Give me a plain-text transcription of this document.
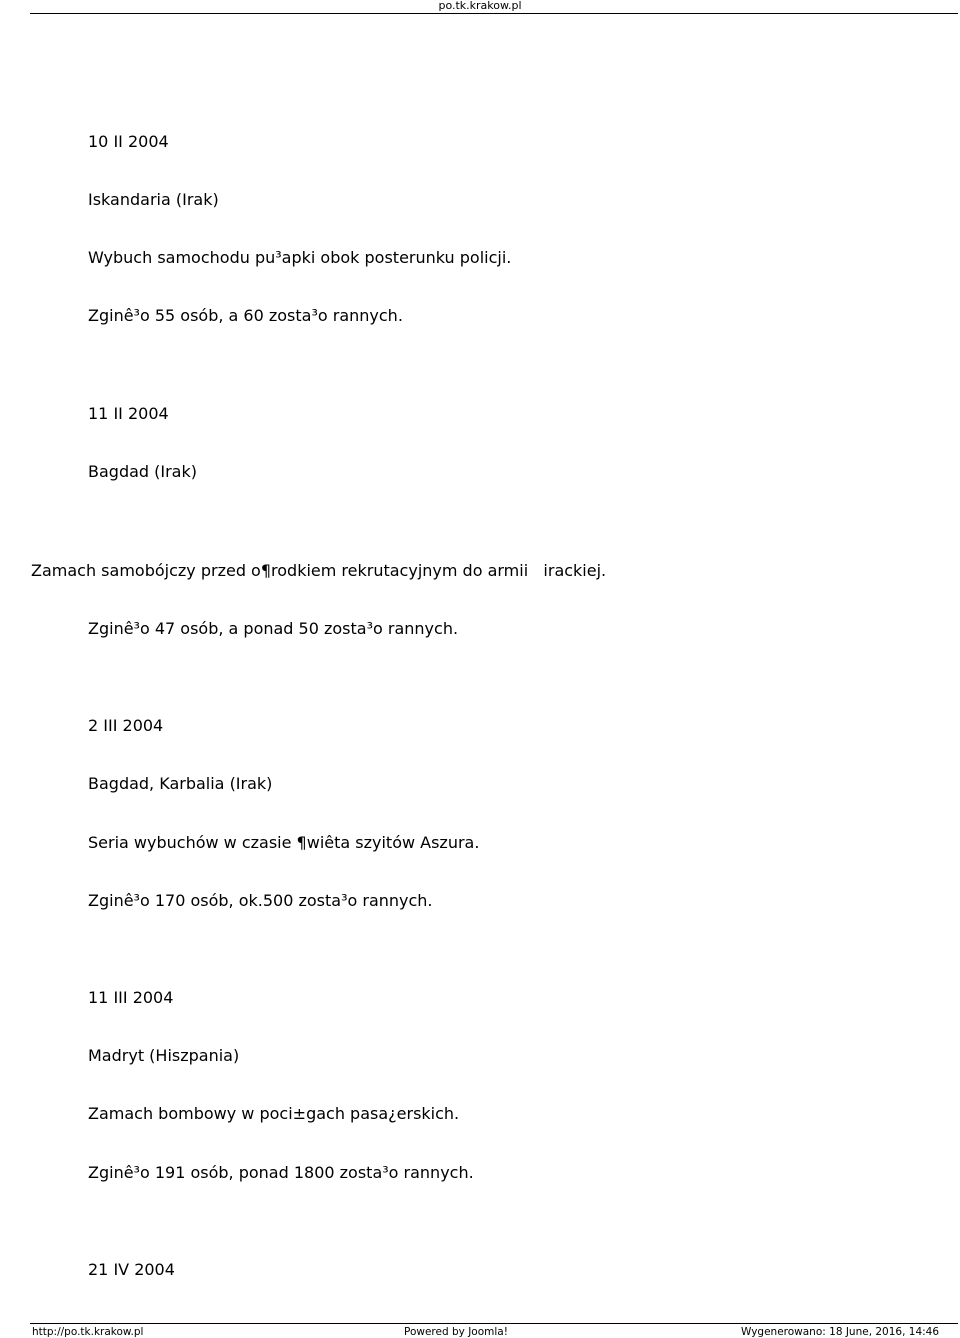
po.tk.krakow.pl
10 II 2004
Iskandaria (Irak)
Wybuch samochodu pu³apki obok posterunku policji.
Zginê³o 55 osób, a 60 zosta³o rannych.
11 II 2004
Bagdad (Irak)
Zamach samobójczy przed o¶rodkiem rekrutacyjnym do armii   irackiej.
Zginê³o 47 osób, a ponad 50 zosta³o rannych.
2 III 2004
Bagdad, Karbalia (Irak)
Seria wybuchów w czasie ¶wiêta szyitów Aszura.
Zginê³o 170 osób, ok.500 zosta³o rannych.
11 III 2004
Madryt (Hiszpania)
Zamach bombowy w poci±gach pasa¿erskich.
Zginê³o 191 osób, ponad 1800 zosta³o rannych.
21 IV 2004
http://po.tk.krakow.pl	Powered by Joomla!	Wygenerowano: 18 June, 2016, 14:46
